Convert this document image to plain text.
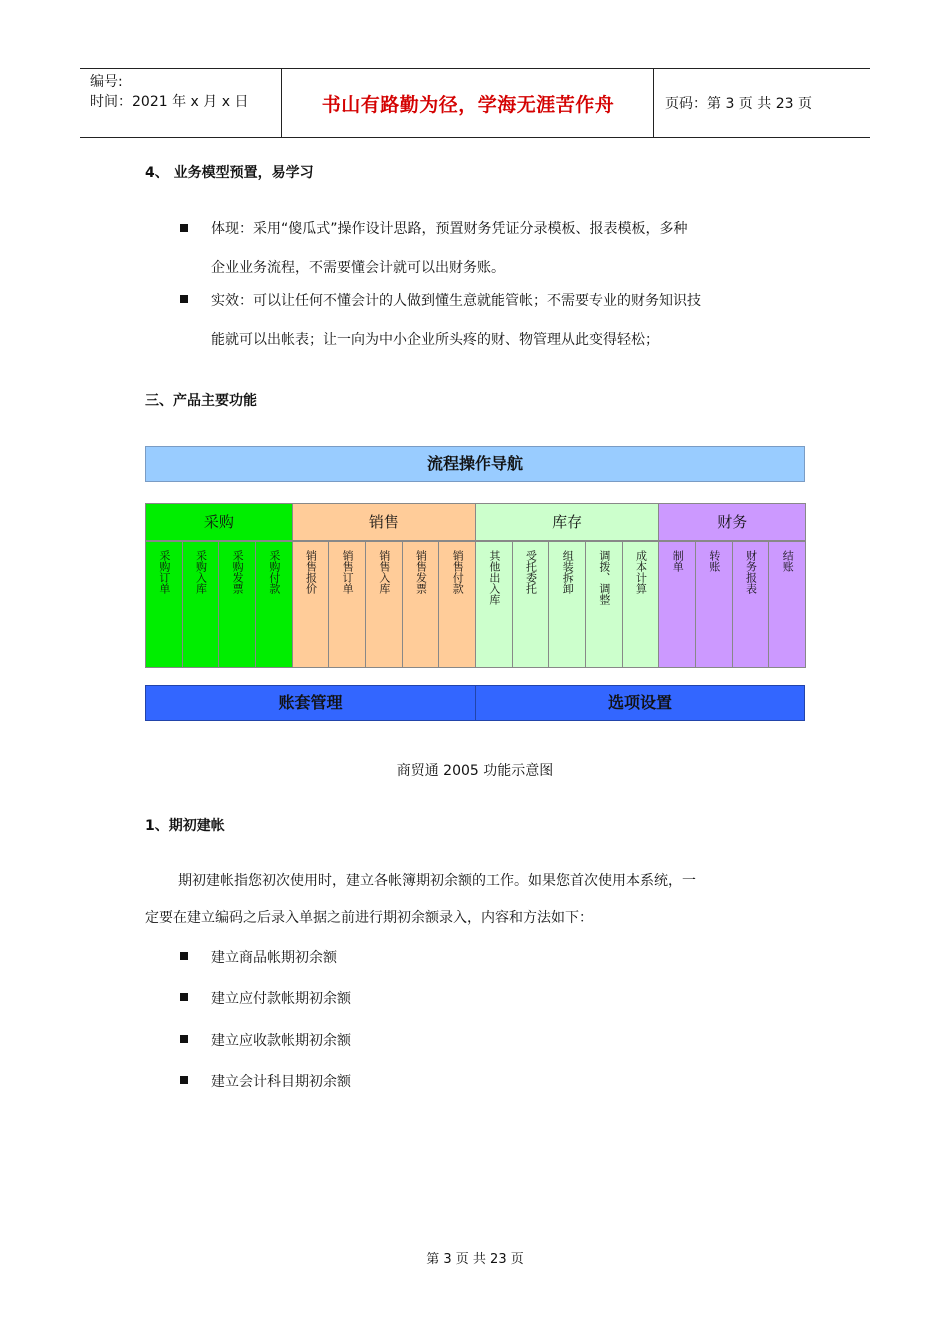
编号:
时间：2021 年 x 月 x 日	书山有路勤为径，学海无涯苦作舟	页码：第 3 页 共 23 页
4、 业务模型预置，易学习
体现：采用“傻瓜式”操作设计思路，预置财务凭证分录模板、报表模板，多种
企业业务流程，不需要懂会计就可以出财务账。
实效：可以让任何不懂会计的人做到懂生意就能管帐；不需要专业的财务知识技
能就可以出帐表；让一向为中小企业所头疼的财、物管理从此变得轻松；
三、产品主要功能
流程操作导航
采购
采购订单 采购入库 采购发票 采购付款
销售
销售报价 销售订单 销售入库 销售发票 销售付款
库存
其他出入库 受托委托 组装拆卸 调拨、调整 成本计算
财务
制单 转账 财务报表 结账
账套管理	选项设置
商贸通 2005 功能示意图
1、期初建帐
期初建帐指您初次使用时，建立各帐簿期初余额的工作。如果您首次使用本系统，一
定要在建立编码之后录入单据之前进行期初余额录入，内容和方法如下：
建立商品帐期初余额
建立应付款帐期初余额
建立应收款帐期初余额
建立会计科目期初余额
第 3 页 共 23 页
